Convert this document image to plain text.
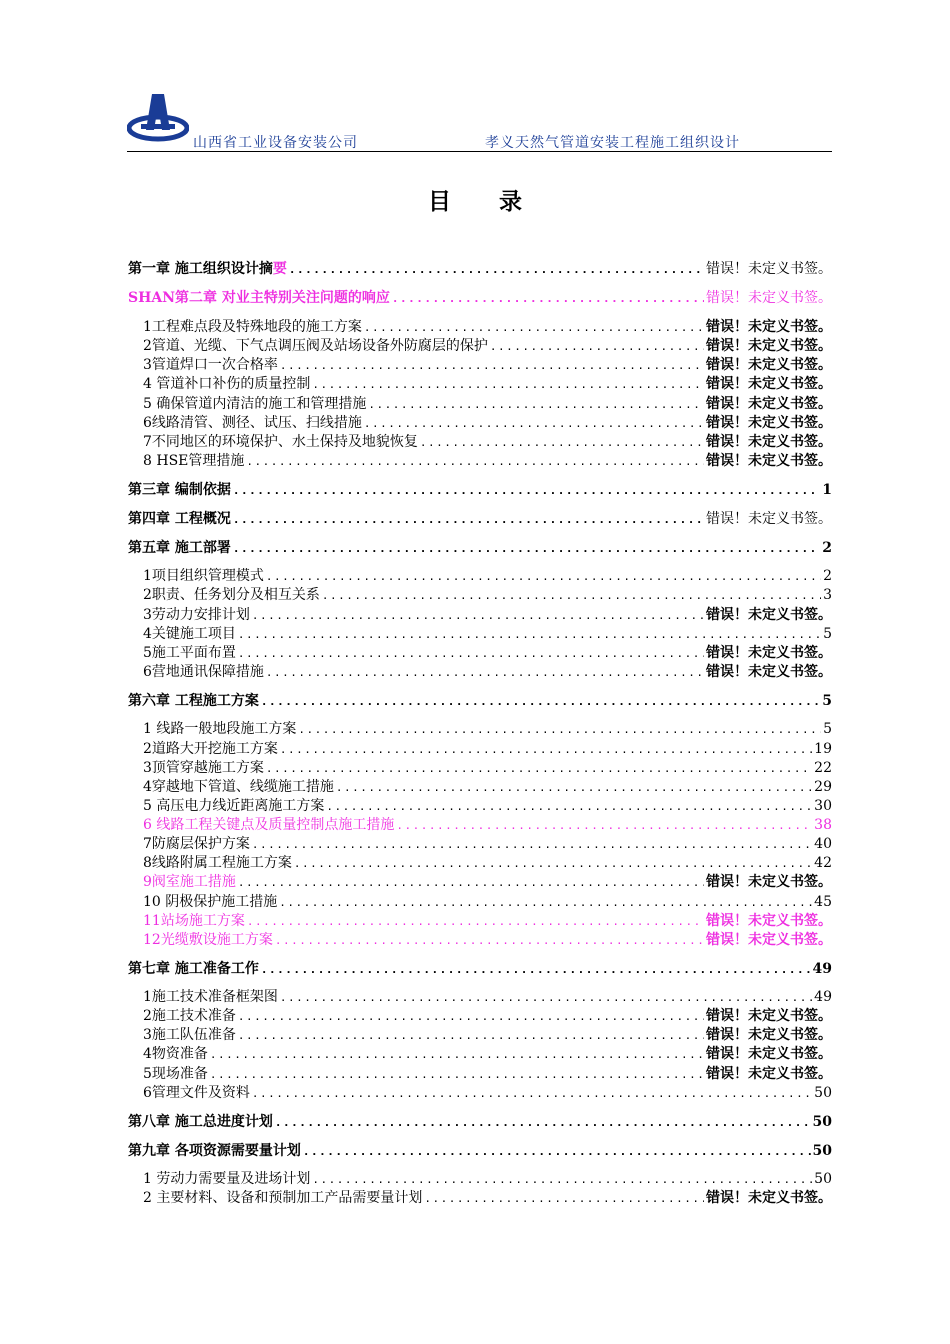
山西省工业设备安装公司	孝义天然气管道安装工程施工组织设计
目 录
第一章 施工组织设计摘要 .....	错误！未定义书签。
SHAN第二章 对业主特别关注问题的响应 .....	错误！未定义书签。
1工程难点段及特殊地段的施工方案 .....	错误！未定义书签。
2管道、光缆、下气点调压阀及站场设备外防腐层的保护 .....	错误！未定义书签。
3管道焊口一次合格率 .....	错误！未定义书签。
4 管道补口补伤的质量控制 .....	错误！未定义书签。
5 确保管道内清洁的施工和管理措施 .....	错误！未定义书签。
6线路清管、测径、试压、扫线措施 .....	错误！未定义书签。
7不同地区的环境保护、水土保持及地貌恢复 .....	错误！未定义书签。
8 HSE管理措施 .....	错误！未定义书签。
第三章 编制依据 .....	1
第四章 工程概况 .....	错误！未定义书签。
第五章 施工部署 .....	2
1项目组织管理模式 .....	2
2职责、任务划分及相互关系 .....	3
3劳动力安排计划 .....	错误！未定义书签。
4关键施工项目 .....	5
5施工平面布置 .....	错误！未定义书签。
6营地通讯保障措施 .....	错误！未定义书签。
第六章 工程施工方案 .....	5
1 线路一般地段施工方案 .....	5
2道路大开挖施工方案 .....	19
3顶管穿越施工方案 .....	22
4穿越地下管道、线缆施工措施 .....	29
5 高压电力线近距离施工方案 .....	30
6 线路工程关键点及质量控制点施工措施 .....	38
7防腐层保护方案 .....	40
8线路附属工程施工方案 .....	42
9阀室施工措施 .....	错误！未定义书签。
10 阴极保护施工措施 .....	45
11站场施工方案 .....	错误！未定义书签。
12光缆敷设施工方案 .....	错误！未定义书签。
第七章 施工准备工作 .....	49
1施工技术准备框架图 .....	49
2施工技术准备 .....	错误！未定义书签。
3施工队伍准备 .....	错误！未定义书签。
4物资准备 .....	错误！未定义书签。
5现场准备 .....	错误！未定义书签。
6管理文件及资料 .....	50
第八章 施工总进度计划 .....	50
第九章 各项资源需要量计划 .....	50
1 劳动力需要量及进场计划 .....	50
2 主要材料、设备和预制加工产品需要量计划 .....	错误！未定义书签。
